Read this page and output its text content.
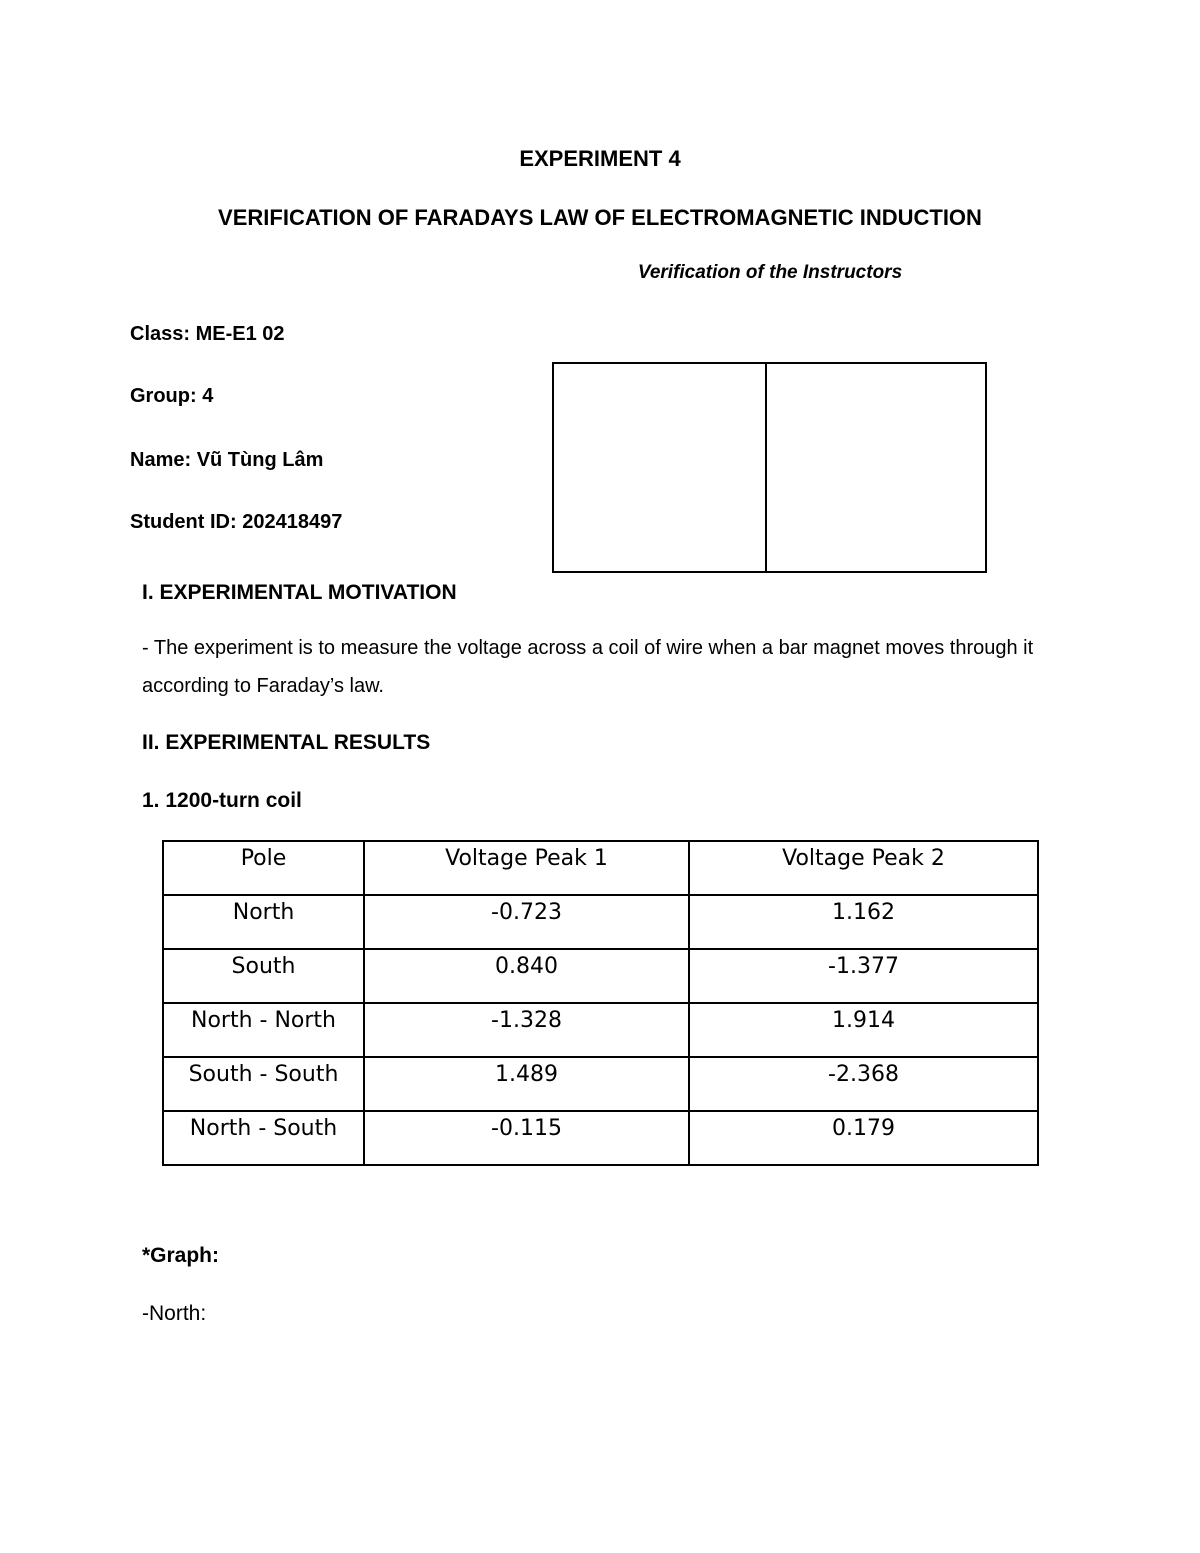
EXPERIMENT 4
VERIFICATION OF FARADAYS LAW OF ELECTROMAGNETIC INDUCTION
Verification of the Instructors
Class: ME-E1 02
Group: 4
Name: Vũ Tùng Lâm
Student ID: 202418497
I. EXPERIMENTAL MOTIVATION
- The experiment is to measure the voltage across a coil of wire when a bar magnet moves through it according to Faraday’s law.
II. EXPERIMENTAL RESULTS
1. 1200-turn coil
Pole	Voltage Peak 1	Voltage Peak 2
North	-0.723	1.162
South	0.840	-1.377
North - North	-1.328	1.914
South - South	1.489	-2.368
North - South	-0.115	0.179
*Graph:
-North:
